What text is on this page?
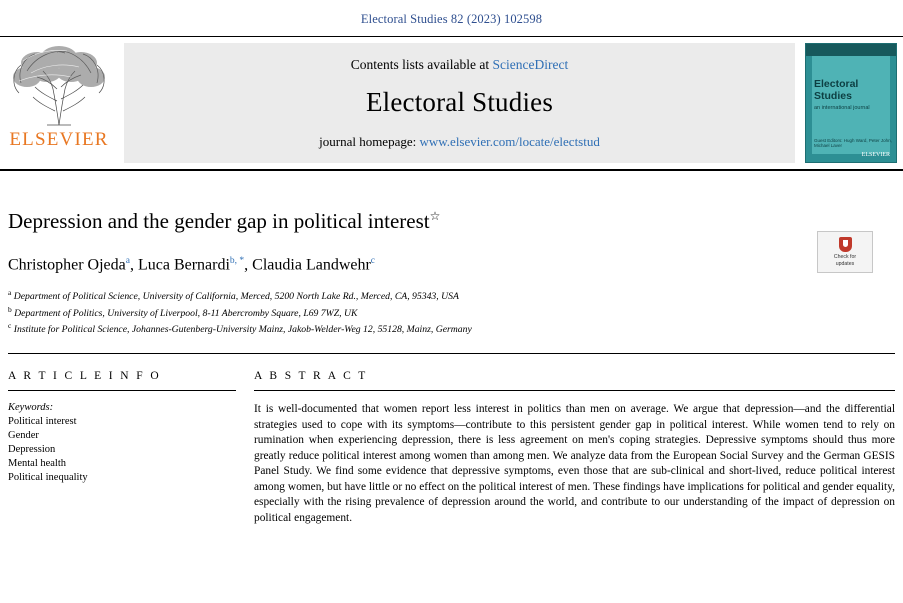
Electoral Studies 82 (2023) 102598
ELSEVIER
Contents lists available at ScienceDirect
Electoral Studies
journal homepage: www.elsevier.com/locate/electstud
Electoral
Studies
an international journal
Guest Editors: Hugh Ward, Peter John, Michael Laver
ELSEVIER
Check for
updates
Depression and the gender gap in political interest☆
Christopher Ojeda$^a$, Luca Bernardi$^{b, *}$, Claudia Landwehr$^c$
$^a$ Department of Political Science, University of California, Merced, 5200 North Lake Rd., Merced, CA, 95343, USA
$^b$ Department of Politics, University of Liverpool, 8-11 Abercromby Square, L69 7WZ, UK
$^c$ Institute for Political Science, Johannes-Gutenberg-University Mainz, Jakob-Welder-Weg 12, 55128, Mainz, Germany
A R T I C L E I N F O
Keywords:
Political interest
Gender
Depression
Mental health
Political inequality
A B S T R A C T
It is well-documented that women report less interest in politics than men on average. We argue that depression—and the differential strategies used to cope with its symptoms—contribute to this persistent gender gap in political interest. While women tend to rely on rumination when experiencing depression, there is less agreement on men's coping strategies. Depressive symptoms should thus more greatly reduce political interest among women than among men. We analyze data from the European Social Survey and the German GESIS Panel Study. We find some evidence that depressive symptoms, even those that are sub-clinical and short-lived, reduce political interest among women, but have little or no effect on the political interest of men. These findings have implications for political and gender equality, especially with the rising prevalence of depression around the world, and contribute to our understanding of the impact of depression on political engagement.
